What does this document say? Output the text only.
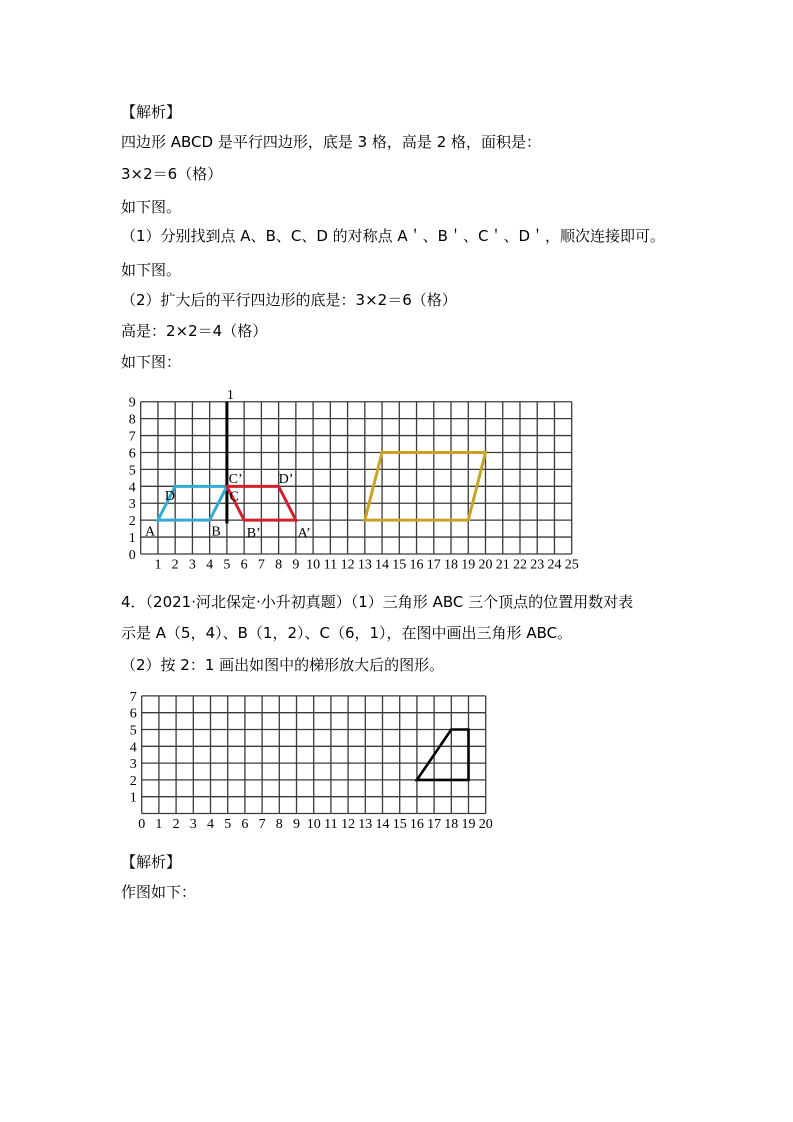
【解析】
四边形 ABCD 是平行四边形，底是 3 格，高是 2 格，面积是：
3×2＝6（格）
如下图。
（1）分别找到点 A、B、C、D 的对称点 A＇、B＇、C＇、D＇，顺次连接即可。
如下图。
（2）扩大后的平行四边形的底是：3×2＝6（格）
高是：2×2＝4（格）
如下图：
4．（2021·河北保定·小升初真题）（1）三角形 ABC 三个顶点的位置用数对表
示是 A（5，4）、B（1，2）、C（6，1），在图中画出三角形 ABC。
（2）按 2：1 画出如图中的梯形放大后的图形。
【解析】
作图如下：
1 2 3 4 5 6 7 8 9 10 11 12 13 14 15 16 17 18 19 20 21 22 23 24 25
0
1
2
3
4
5
6
7
8
9
1
A	B
C
D
A’
B’
C’	D’
0 1 2 3 4 5 6 7 8 9 10 11 12 13 14 15 16 17 18 19 20
1
2
3
4
5
6
7
